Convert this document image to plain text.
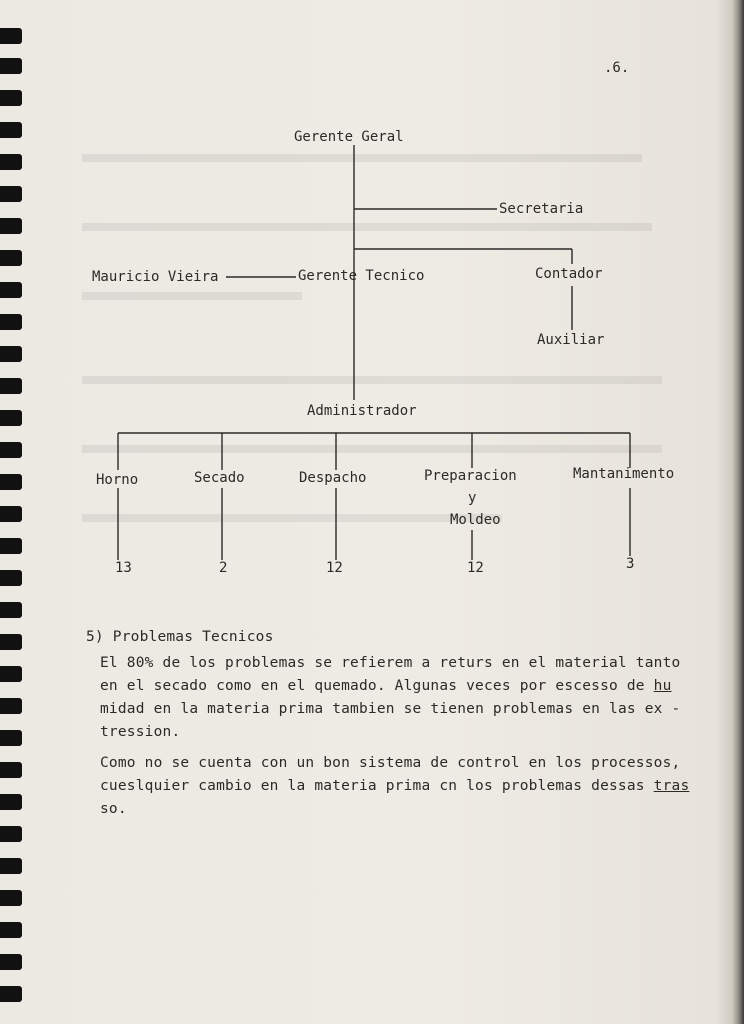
.6.
Gerente Geral
Secretaria
Mauricio Vieira	Gerente Tecnico	Contador
Auxiliar
Administrador
Horno	Secado	Despacho	Preparacion
y
Moldeo
Mantanimento
13	2	12	12	3
5) Problemas Tecnicos
El 80% de los problemas se refierem a returs en el material tanto
en el secado como en el quemado. Algunas veces por escesso de hu
midad en la materia prima tambien se tienen problemas en las ex -
tression.
Como no se cuenta con un bon sistema de control en los processos,
cueslquier cambio en la materia prima cn los problemas dessas tras
so.
